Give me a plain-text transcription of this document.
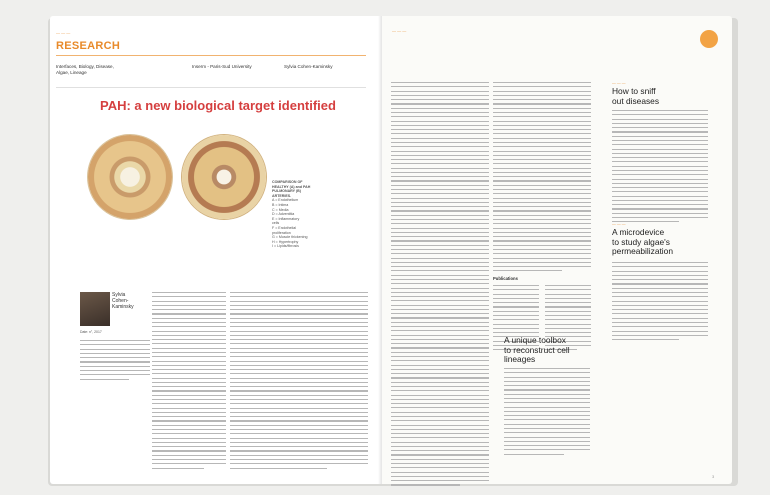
— — —
RESEARCH
Interfaces, Biology, Disease, Algae, Lineage
Inserm - Paris-Sud University	Sylvia Cohen-Kaminsky
PAH: a new biological target identified
COMPARISON OF
HEALTHY (A) and PAH
PULMONARY (B)
ARTERIES.
A = Endothelium
B = Intima
C = Media
D = Adventitia
E = Inflammatory
cells
F = Endothelial
proliferation
G = Muscle thickening
H = Hypertrophy
I = Lipids/fibrosis
Sylvia
Cohen-
Kaminsky
Date: n°, 2017
— — —
Publications
A unique toolbox
to reconstruct cell
lineages
— — —
How to sniff
out diseases
— — —
A microdevice
to study algae's
permeabilization
3
